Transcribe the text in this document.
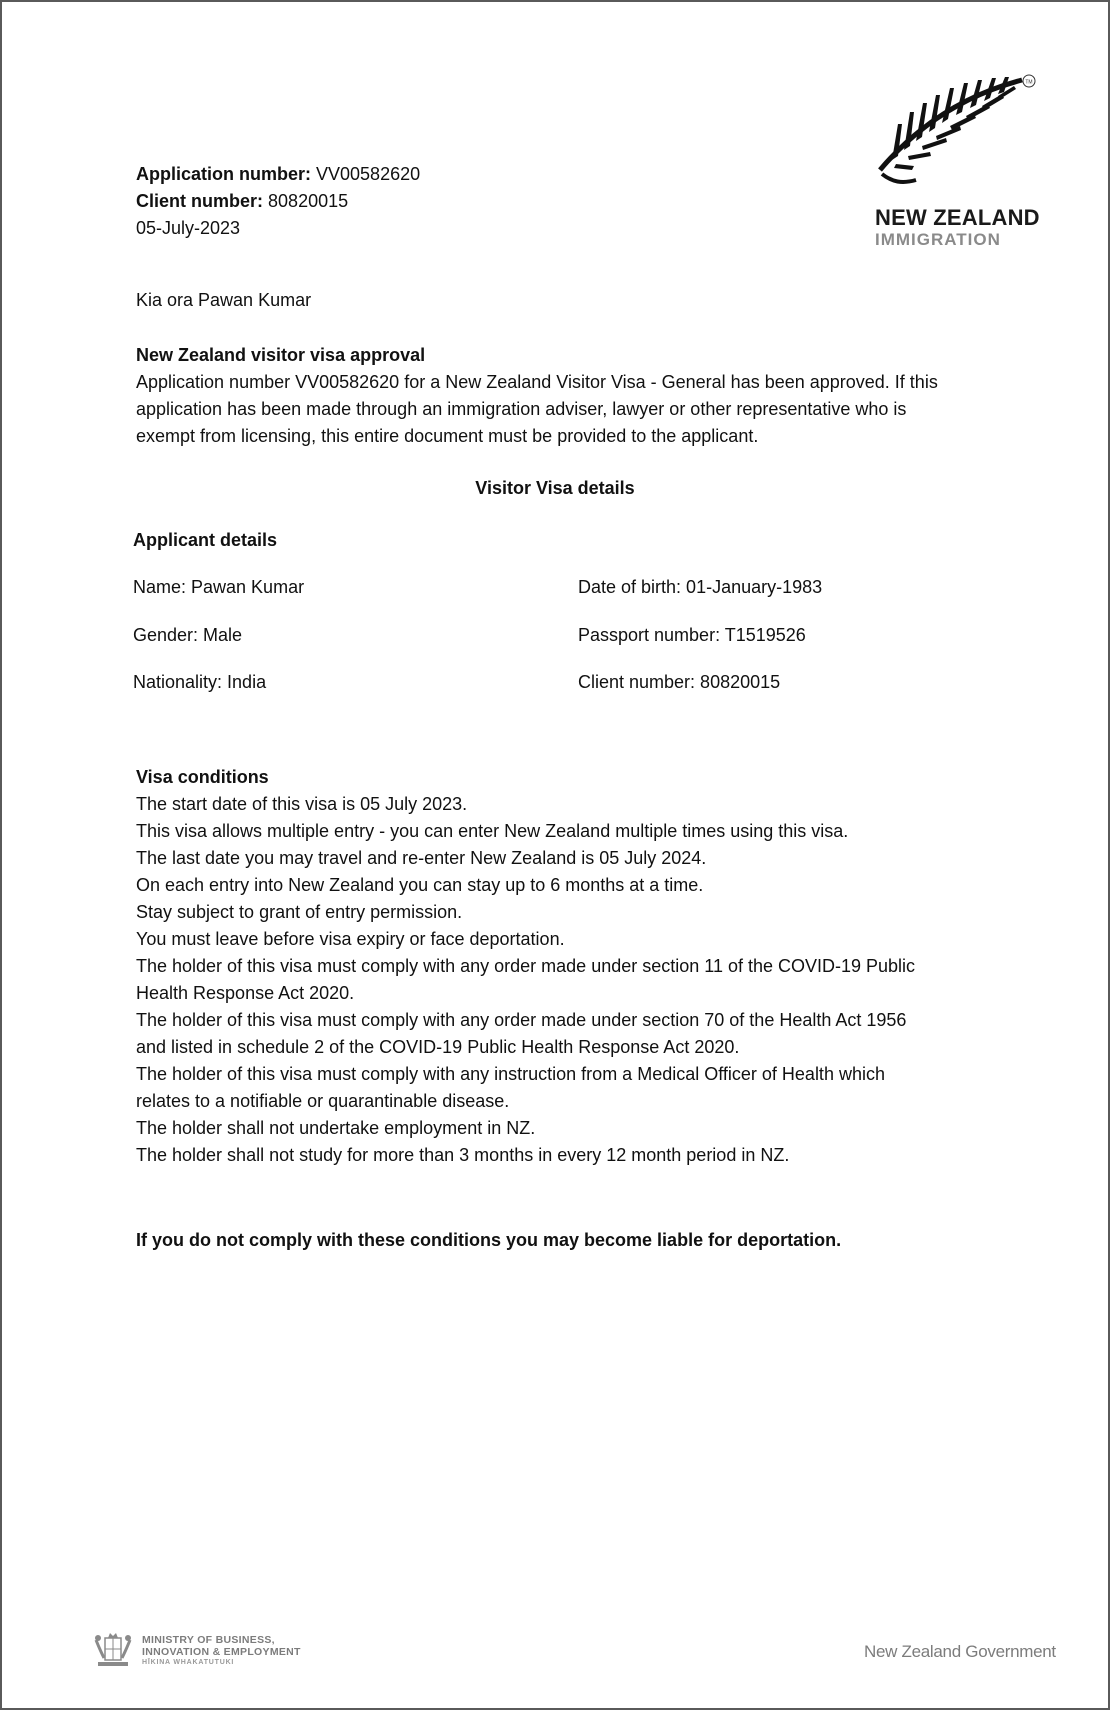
Application number: VV00582620
Client number: 80820015
05-July-2023	NEW ZEALAND
IMMIGRATION
TM
Kia ora Pawan Kumar
New Zealand visitor visa approval
Application number VV00582620 for a New Zealand Visitor Visa - General has been approved. If this
application has been made through an immigration adviser, lawyer or other representative who is
exempt from licensing, this entire document must be provided to the applicant.
Visitor Visa details
Applicant details
Name: Pawan Kumar	Date of birth: 01-January-1983
Gender: Male	Passport number: T1519526
Nationality: India	Client number: 80820015
Visa conditions
The start date of this visa is 05 July 2023.
This visa allows multiple entry - you can enter New Zealand multiple times using this visa.
The last date you may travel and re-enter New Zealand is 05 July 2024.
On each entry into New Zealand you can stay up to 6 months at a time.
Stay subject to grant of entry permission.
You must leave before visa expiry or face deportation.
The holder of this visa must comply with any order made under section 11 of the COVID-19 Public
Health Response Act 2020.
The holder of this visa must comply with any order made under section 70 of the Health Act 1956
and listed in schedule 2 of the COVID-19 Public Health Response Act 2020.
The holder of this visa must comply with any instruction from a Medical Officer of Health which
relates to a notifiable or quarantinable disease.
The holder shall not undertake employment in NZ.
The holder shall not study for more than 3 months in every 12 month period in NZ.
If you do not comply with these conditions you may become liable for deportation.
MINISTRY OF BUSINESS,
INNOVATION & EMPLOYMENT
HĪKINA WHAKATUTUKI
New Zealand Government
